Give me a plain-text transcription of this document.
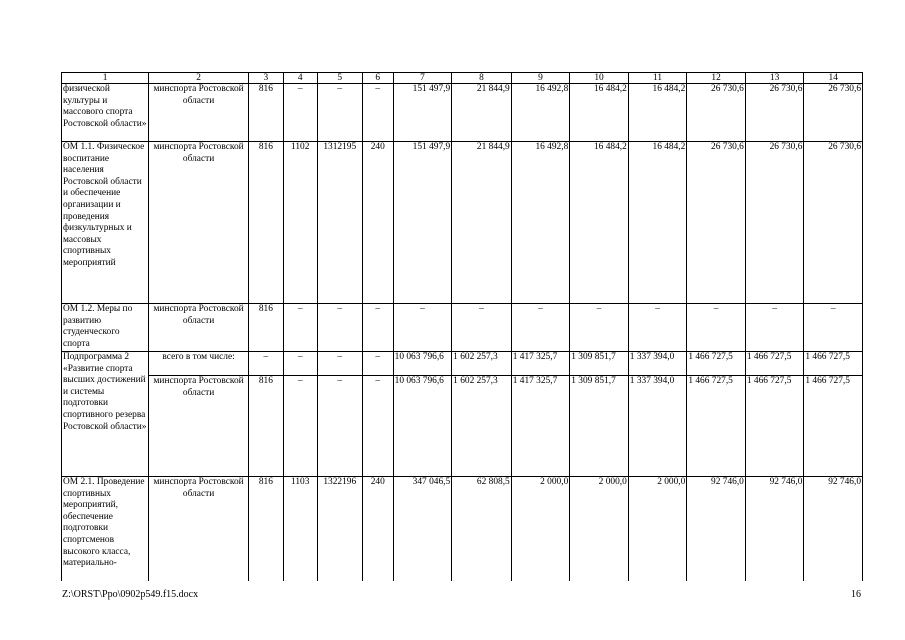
1	2	3	4	5	6	7	8	9	10	11	12	13	14
физической культуры и массового спорта Ростовской области»	минспорта Ростовской области	816	–	–	–	151 497,9	21 844,9	16 492,8	16 484,2	16 484,2	26 730,6	26 730,6	26 730,6
ОМ 1.1. Физическое воспитание населения Ростовской области и обеспечение организации и проведения физкультурных и массовых спортивных мероприятий	минспорта Ростовской области	816	1102	1312195	240	151 497,9	21 844,9	16 492,8	16 484,2	16 484,2	26 730,6	26 730,6	26 730,6
ОМ 1.2. Меры по развитию студенческого спорта	минспорта Ростовской области	816	–	–	–	–	–	–	–	–	–	–	–
Подпрограмма 2 «Развитие спорта высших достижений и системы подготовки спортивного резерва Ростовской области»	всего в том числе:	–	–	–	–	10 063 796,6	1 602 257,3	1 417 325,7	1 309 851,7	1 337 394,0	1 466 727,5	1 466 727,5	1 466 727,5
	минспорта Ростовской области	816	–	–	–	10 063 796,6	1 602 257,3	1 417 325,7	1 309 851,7	1 337 394,0	1 466 727,5	1 466 727,5	1 466 727,5
ОМ 2.1. Проведение спортивных мероприятий, обеспечение подготовки спортсменов высокого класса, материально-	минспорта Ростовской области	816	1103	1322196	240	347 046,5	62 808,5	2 000,0	2 000,0	2 000,0	92 746,0	92 746,0	92 746,0
Z:\ORST\Ppo\0902p549.f15.docx	16
